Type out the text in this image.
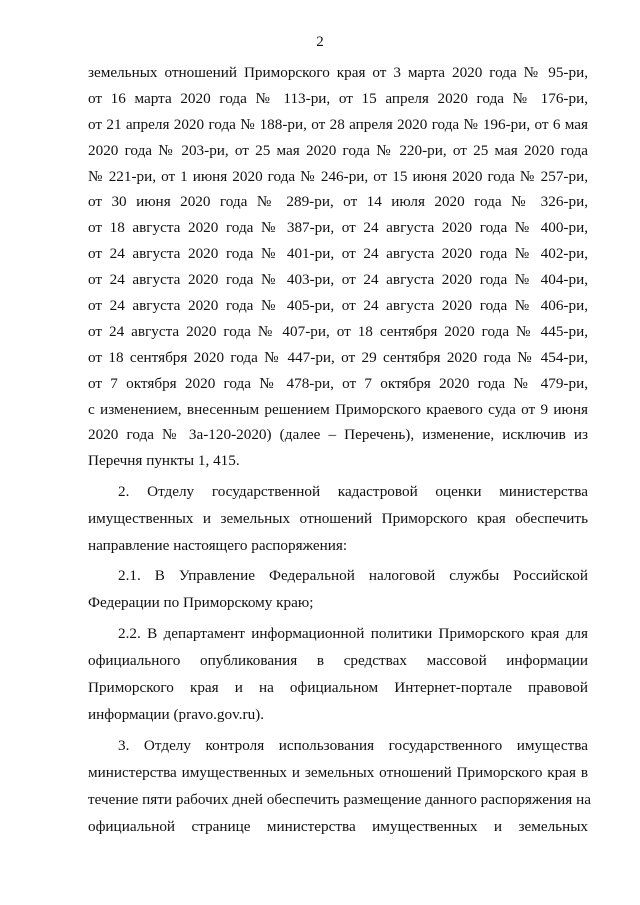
2
земельных отношений Приморского края от 3 марта 2020 года № 95-ри,
от 16 марта 2020 года № 113-ри, от 15 апреля 2020 года № 176-ри,
от 21 апреля 2020 года № 188-ри, от 28 апреля 2020 года № 196-ри, от 6 мая
2020 года № 203-ри, от 25 мая 2020 года № 220-ри, от 25 мая 2020 года
№ 221-ри, от 1 июня 2020 года № 246-ри, от 15 июня 2020 года № 257-ри,
от 30 июня 2020 года № 289-ри, от 14 июля 2020 года № 326-ри,
от 18 августа 2020 года № 387-ри, от 24 августа 2020 года № 400-ри,
от 24 августа 2020 года № 401-ри, от 24 августа 2020 года № 402-ри,
от 24 августа 2020 года № 403-ри, от 24 августа 2020 года № 404-ри,
от 24 августа 2020 года № 405-ри, от 24 августа 2020 года № 406-ри,
от 24 августа 2020 года № 407-ри, от 18 сентября 2020 года № 445-ри,
от 18 сентября 2020 года № 447-ри, от 29 сентября 2020 года № 454-ри,
от 7 октября 2020 года № 478-ри, от 7 октября 2020 года № 479-ри,
с изменением, внесенным решением Приморского краевого суда от 9 июня
2020 года № 3а-120-2020) (далее – Перечень), изменение, исключив из
Перечня пункты 1, 415.
2. Отделу государственной кадастровой оценки министерства
имущественных и земельных отношений Приморского края обеспечить
направление настоящего распоряжения:
2.1. В Управление Федеральной налоговой службы Российской
Федерации по Приморскому краю;
2.2. В департамент информационной политики Приморского края для
официального опубликования в средствах массовой информации
Приморского края и на официальном Интернет-портале правовой
информации (pravo.gov.ru).
3. Отделу контроля использования государственного имущества
министерства имущественных и земельных отношений Приморского края в
течение пяти рабочих дней обеспечить размещение данного распоряжения на
официальной странице министерства имущественных и земельных
